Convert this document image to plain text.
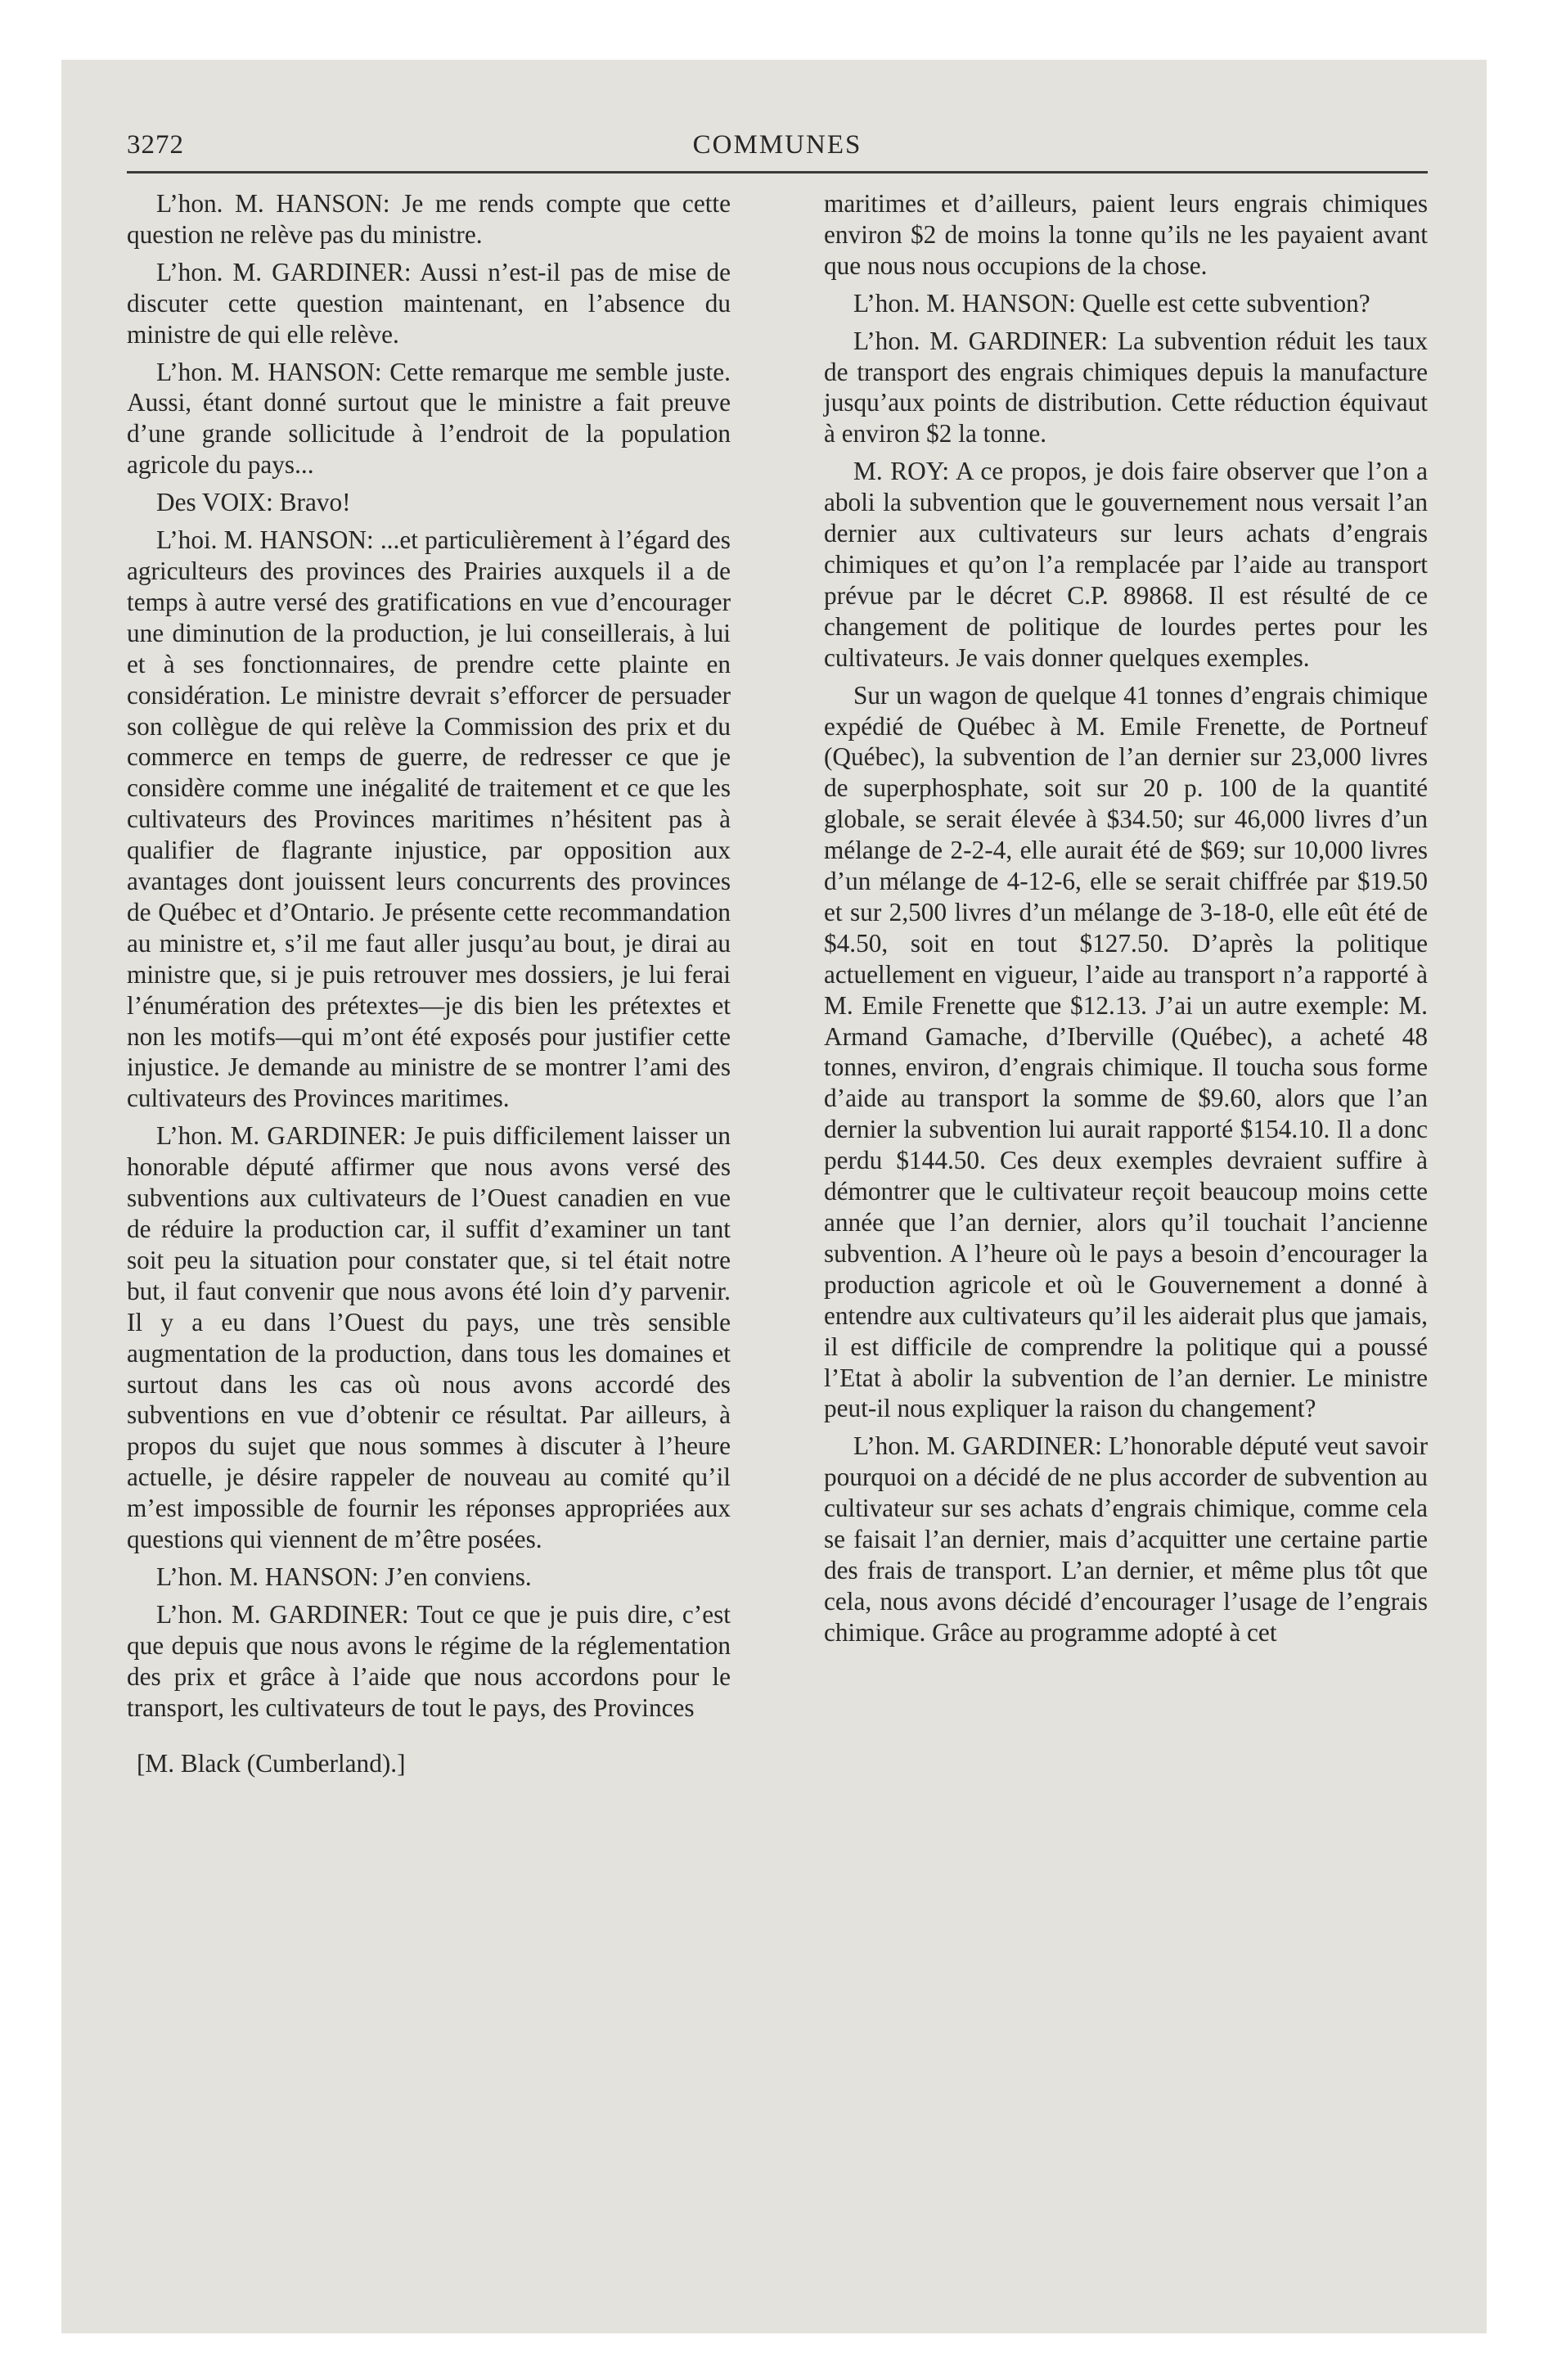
3272	COMMUNES

L’hon. M. HANSON: Je me rends compte que cette question ne relève pas du ministre.

L’hon. M. GARDINER: Aussi n’est-il pas de mise de discuter cette question maintenant, en l’absence du ministre de qui elle relève.

L’hon. M. HANSON: Cette remarque me semble juste. Aussi, étant donné surtout que le ministre a fait preuve d’une grande sollicitude à l’endroit de la population agricole du pays...

Des VOIX: Bravo!

L’hoi. M. HANSON: ...et particulièrement à l’égard des agriculteurs des provinces des Prairies auxquels il a de temps à autre versé des gratifications en vue d’encourager une diminution de la production, je lui conseillerais, à lui et à ses fonctionnaires, de prendre cette plainte en considération. Le ministre devrait s’efforcer de persuader son collègue de qui relève la Commission des prix et du commerce en temps de guerre, de redresser ce que je considère comme une inégalité de traitement et ce que les cultivateurs des Provinces maritimes n’hésitent pas à qualifier de flagrante injustice, par opposition aux avantages dont jouissent leurs concurrents des provinces de Québec et d’Ontario. Je présente cette recommandation au ministre et, s’il me faut aller jusqu’au bout, je dirai au ministre que, si je puis retrouver mes dossiers, je lui ferai l’énumération des prétextes—je dis bien les prétextes et non les motifs—qui m’ont été exposés pour justifier cette injustice. Je demande au ministre de se montrer l’ami des cultivateurs des Provinces maritimes.

L’hon. M. GARDINER: Je puis difficilement laisser un honorable député affirmer que nous avons versé des subventions aux cultivateurs de l’Ouest canadien en vue de réduire la production car, il suffit d’examiner un tant soit peu la situation pour constater que, si tel était notre but, il faut convenir que nous avons été loin d’y parvenir. Il y a eu dans l’Ouest du pays, une très sensible augmentation de la production, dans tous les domaines et surtout dans les cas où nous avons accordé des subventions en vue d’obtenir ce résultat. Par ailleurs, à propos du sujet que nous sommes à discuter à l’heure actuelle, je désire rappeler de nouveau au comité qu’il m’est impossible de fournir les réponses appropriées aux questions qui viennent de m’être posées.

L’hon. M. HANSON: J’en conviens.

L’hon. M. GARDINER: Tout ce que je puis dire, c’est que depuis que nous avons le régime de la réglementation des prix et grâce à l’aide que nous accordons pour le transport, les cultivateurs de tout le pays, des Provinces

[M. Black (Cumberland).]

maritimes et d’ailleurs, paient leurs engrais chimiques environ $2 de moins la tonne qu’ils ne les payaient avant que nous nous occupions de la chose.

L’hon. M. HANSON: Quelle est cette subvention?

L’hon. M. GARDINER: La subvention réduit les taux de transport des engrais chimiques depuis la manufacture jusqu’aux points de distribution. Cette réduction équivaut à environ $2 la tonne.

M. ROY: A ce propos, je dois faire observer que l’on a aboli la subvention que le gouvernement nous versait l’an dernier aux cultivateurs sur leurs achats d’engrais chimiques et qu’on l’a remplacée par l’aide au transport prévue par le décret C.P. 89868. Il est résulté de ce changement de politique de lourdes pertes pour les cultivateurs. Je vais donner quelques exemples.

Sur un wagon de quelque 41 tonnes d’engrais chimique expédié de Québec à M. Emile Frenette, de Portneuf (Québec), la subvention de l’an dernier sur 23,000 livres de superphosphate, soit sur 20 p. 100 de la quantité globale, se serait élevée à $34.50; sur 46,000 livres d’un mélange de 2-2-4, elle aurait été de $69; sur 10,000 livres d’un mélange de 4-12-6, elle se serait chiffrée par $19.50 et sur 2,500 livres d’un mélange de 3-18-0, elle eût été de $4.50, soit en tout $127.50. D’après la politique actuellement en vigueur, l’aide au transport n’a rapporté à M. Emile Frenette que $12.13. J’ai un autre exemple: M. Armand Gamache, d’Iberville (Québec), a acheté 48 tonnes, environ, d’engrais chimique. Il toucha sous forme d’aide au transport la somme de $9.60, alors que l’an dernier la subvention lui aurait rapporté $154.10. Il a donc perdu $144.50. Ces deux exemples devraient suffire à démontrer que le cultivateur reçoit beaucoup moins cette année que l’an dernier, alors qu’il touchait l’ancienne subvention. A l’heure où le pays a besoin d’encourager la production agricole et où le Gouvernement a donné à entendre aux cultivateurs qu’il les aiderait plus que jamais, il est difficile de comprendre la politique qui a poussé l’Etat à abolir la subvention de l’an dernier. Le ministre peut-il nous expliquer la raison du changement?

L’hon. M. GARDINER: L’honorable député veut savoir pourquoi on a décidé de ne plus accorder de subvention au cultivateur sur ses achats d’engrais chimique, comme cela se faisait l’an dernier, mais d’acquitter une certaine partie des frais de transport. L’an dernier, et même plus tôt que cela, nous avons décidé d’encourager l’usage de l’engrais chimique. Grâce au programme adopté à cet
